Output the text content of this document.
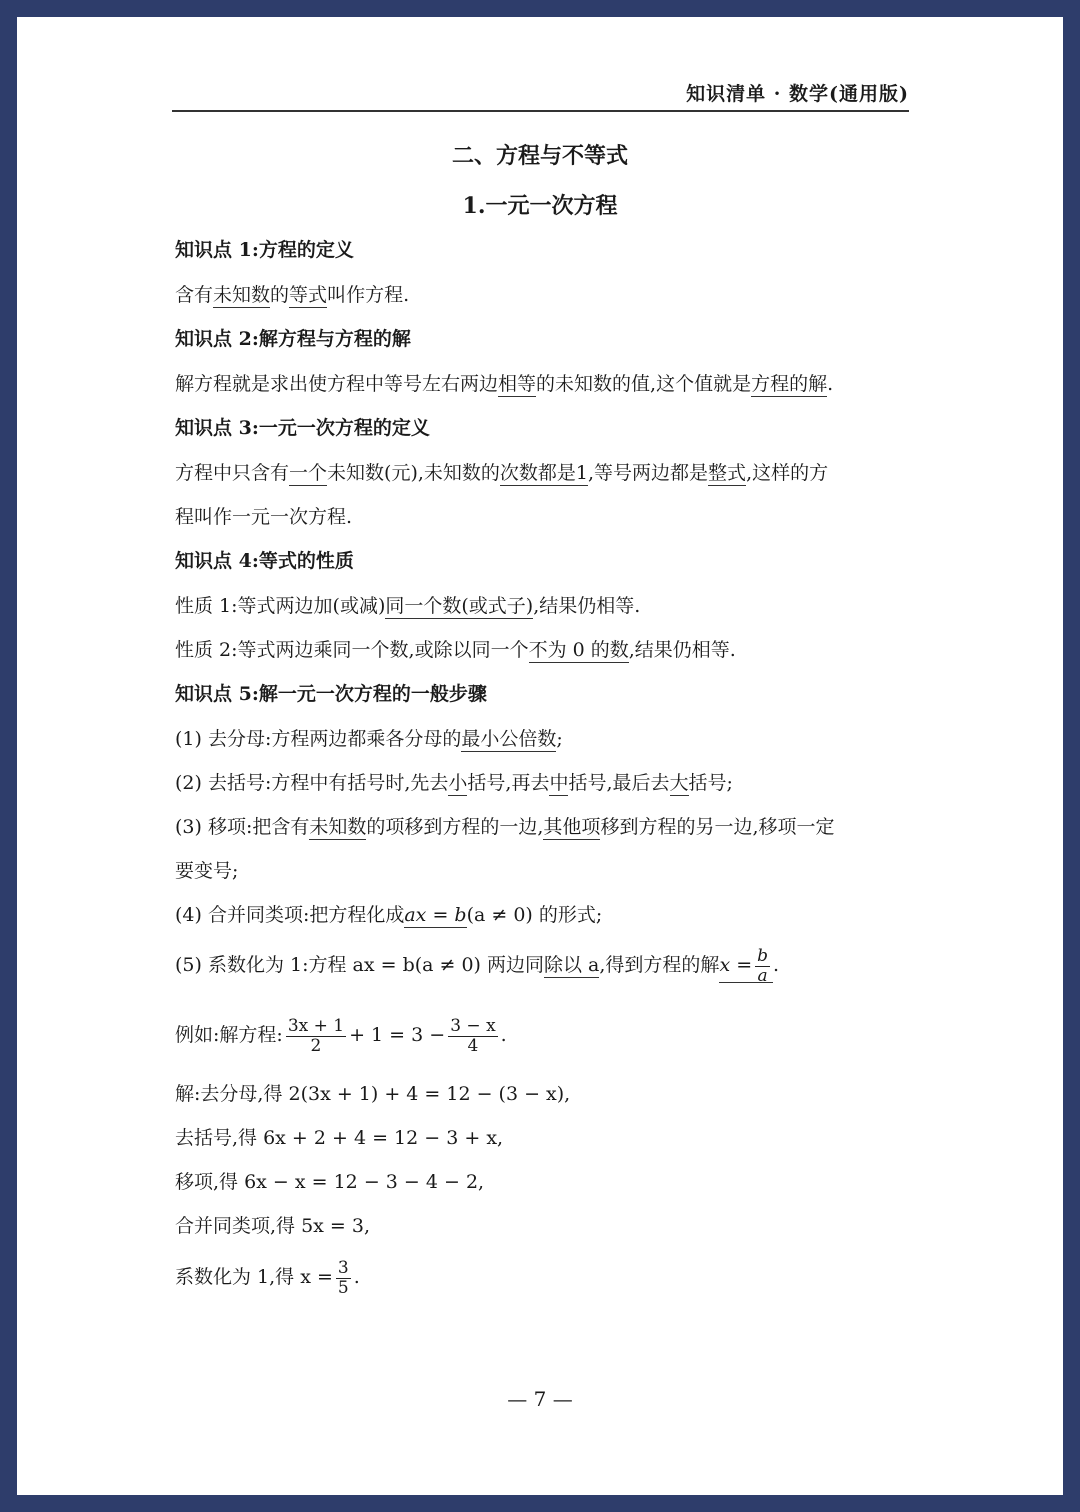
知识清单 · 数学(通用版)
二、方程与不等式
1.一元一次方程
知识点 1:方程的定义
含有未知数的等式叫作方程.
知识点 2:解方程与方程的解
解方程就是求出使方程中等号左右两边相等的未知数的值,这个值就是方程的解.
知识点 3:一元一次方程的定义
方程中只含有一个未知数(元),未知数的次数都是1,等号两边都是整式,这样的方
程叫作一元一次方程.
知识点 4:等式的性质
性质 1:等式两边加(或减)同一个数(或式子),结果仍相等.
性质 2:等式两边乘同一个数,或除以同一个不为 0 的数,结果仍相等.
知识点 5:解一元一次方程的一般步骤
(1) 去分母:方程两边都乘各分母的最小公倍数;
(2) 去括号:方程中有括号时,先去小括号,再去中括号,最后去大括号;
(3) 移项:把含有未知数的项移到方程的一边,其他项移到方程的另一边,移项一定
要变号;
(4) 合并同类项:把方程化成ax = b(a ≠ 0) 的形式;
(5) 系数化为 1:方程 ax = b(a ≠ 0) 两边同除以 a,得到方程的解$x = \frac{b}{a}$ .
例如:解方程: $\frac{3x + 1}{2} + 1 = 3 - \frac{3 - x}{4}$ .
解:去分母,得 2(3x + 1) + 4 = 12 − (3 − x),
去括号,得 6x + 2 + 4 = 12 − 3 + x,
移项,得 6x − x = 12 − 3 − 4 − 2,
合并同类项,得 5x = 3,
系数化为 1,得 $x = \frac{3}{5}$ .
— 7 —
